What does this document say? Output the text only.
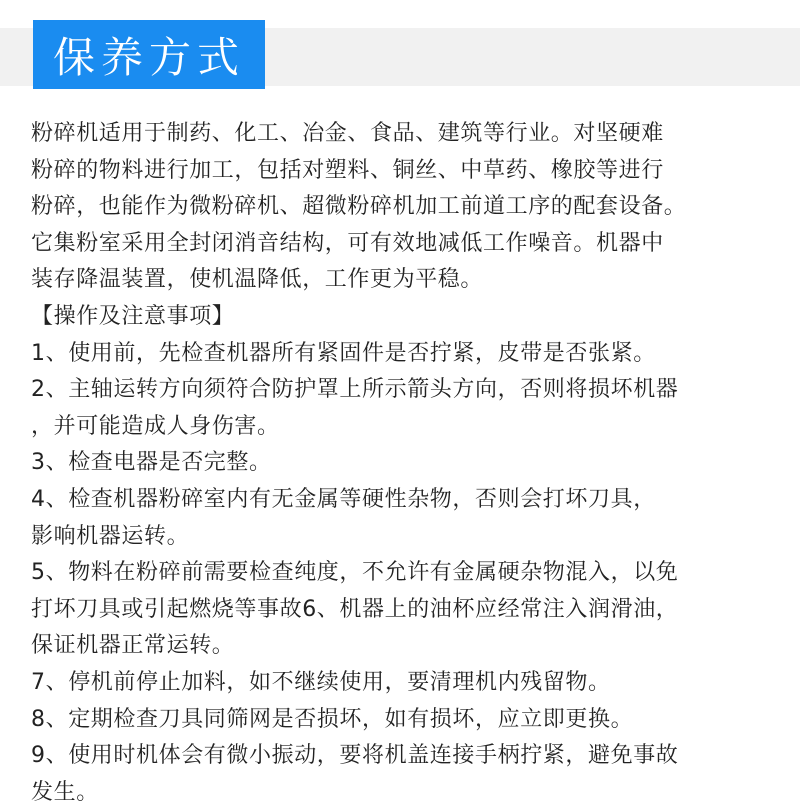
保养方式
粉碎机适用于制药、化工、冶金、食品、建筑等行业。对坚硬难
粉碎的物料进行加工，包括对塑料、铜丝、中草药、橡胶等进行
粉碎，也能作为微粉碎机、超微粉碎机加工前道工序的配套设备。
它集粉室采用全封闭消音结构，可有效地减低工作噪音。机器中
装存降温装置，使机温降低，工作更为平稳。
【操作及注意事项】
1、使用前，先检查机器所有紧固件是否拧紧，皮带是否张紧。
2、主轴运转方向须符合防护罩上所示箭头方向，否则将损坏机器
，并可能造成人身伤害。
3、检查电器是否完整。
4、检查机器粉碎室内有无金属等硬性杂物，否则会打坏刀具，
影响机器运转。
5、物料在粉碎前需要检查纯度，不允许有金属硬杂物混入，以免
打坏刀具或引起燃烧等事故6、机器上的油杯应经常注入润滑油，
保证机器正常运转。
7、停机前停止加料，如不继续使用，要清理机内残留物。
8、定期检查刀具同筛网是否损坏，如有损坏，应立即更换。
9、使用时机体会有微小振动，要将机盖连接手柄拧紧，避免事故
发生。
